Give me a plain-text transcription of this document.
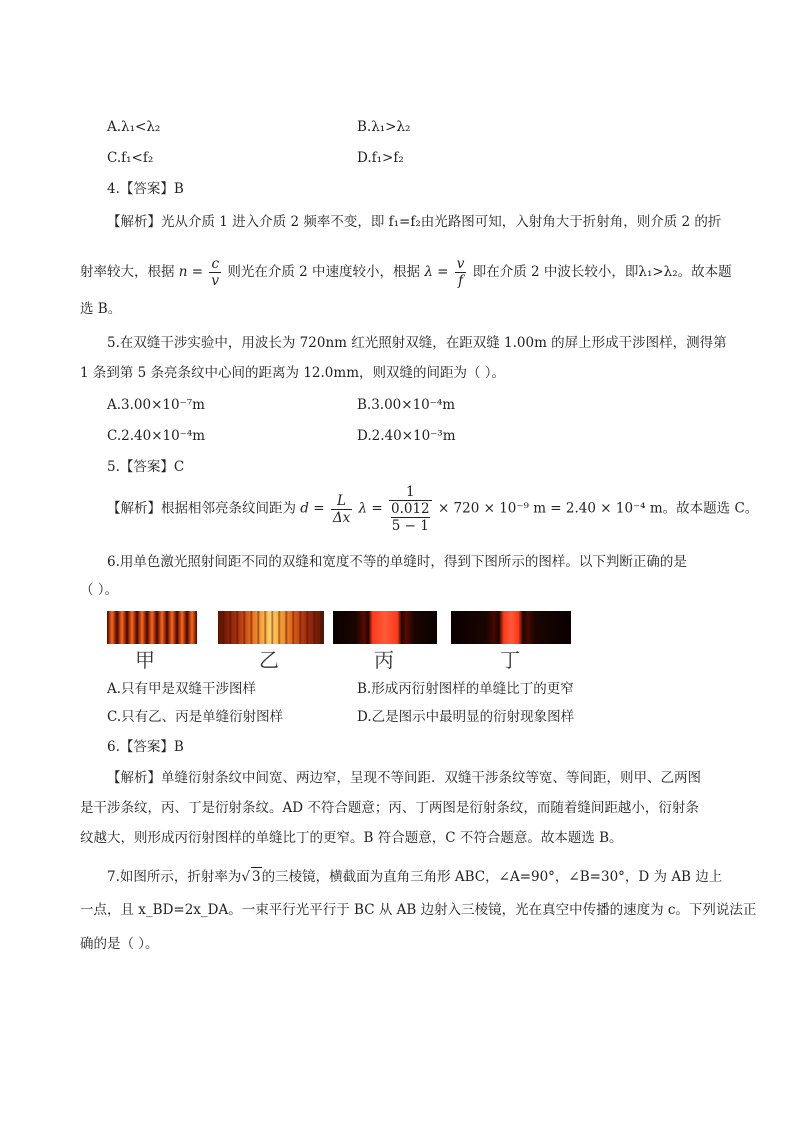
A.λ₁<λ₂	B.λ₁>λ₂
C.f₁<f₂	D.f₁>f₂
4.【答案】B
【解析】光从介质 1 进入介质 2 频率不变，即 f₁=f₂由光路图可知，入射角大于折射角，则介质 2 的折
射率较大，根据 $n = \frac{c}{v}$ 则光在介质 2 中速度较小，根据 $\lambda = \frac{v}{f}$ 即在介质 2 中波长较小，即λ₁>λ₂。故本题
选 B。
5.在双缝干涉实验中，用波长为 720nm 红光照射双缝，在距双缝 1.00m 的屏上形成干涉图样，测得第
1 条到第 5 条亮条纹中心间的距离为 12.0mm，则双缝的间距为（ ）。
A.3.00×10⁻⁷m	B.3.00×10⁻⁴m
C.2.40×10⁻⁴m	D.2.40×10⁻³m
5.【答案】C
【解析】根据相邻亮条纹间距为 $d = \frac{L}{\Delta x}$ λ = 1
0.012
5 − 1 × 720 × 10⁻⁹ m = 2.40 × 10⁻⁴ m。故本题选 C。
6.用单色激光照射间距不同的双缝和宽度不等的单缝时，得到下图所示的图样。以下判断正确的是
（ ）。
甲	乙	丙	丁
A.只有甲是双缝干涉图样	B.形成丙衍射图样的单缝比丁的更窄
C.只有乙、丙是单缝衍射图样	D.乙是图示中最明显的衍射现象图样
6.【答案】B
【解析】单缝衍射条纹中间宽、两边窄，呈现不等间距．双缝干涉条纹等宽、等间距，则甲、乙两图
是干涉条纹，丙、丁是衍射条纹。AD 不符合题意；丙、丁两图是衍射条纹，而随着缝间距越小，衍射条
纹越大，则形成丙衍射图样的单缝比丁的更窄。B 符合题意，C 不符合题意。故本题选 B。
7.如图所示，折射率为√ 3的三棱镜，横截面为直角三角形 ABC，∠A=90°，∠B=30°，D 为 AB 边上
一点，且 x_BD=2x_DA。一束平行光平行于 BC 从 AB 边射入三棱镜，光在真空中传播的速度为 c。下列说法正
确的是（ ）。
